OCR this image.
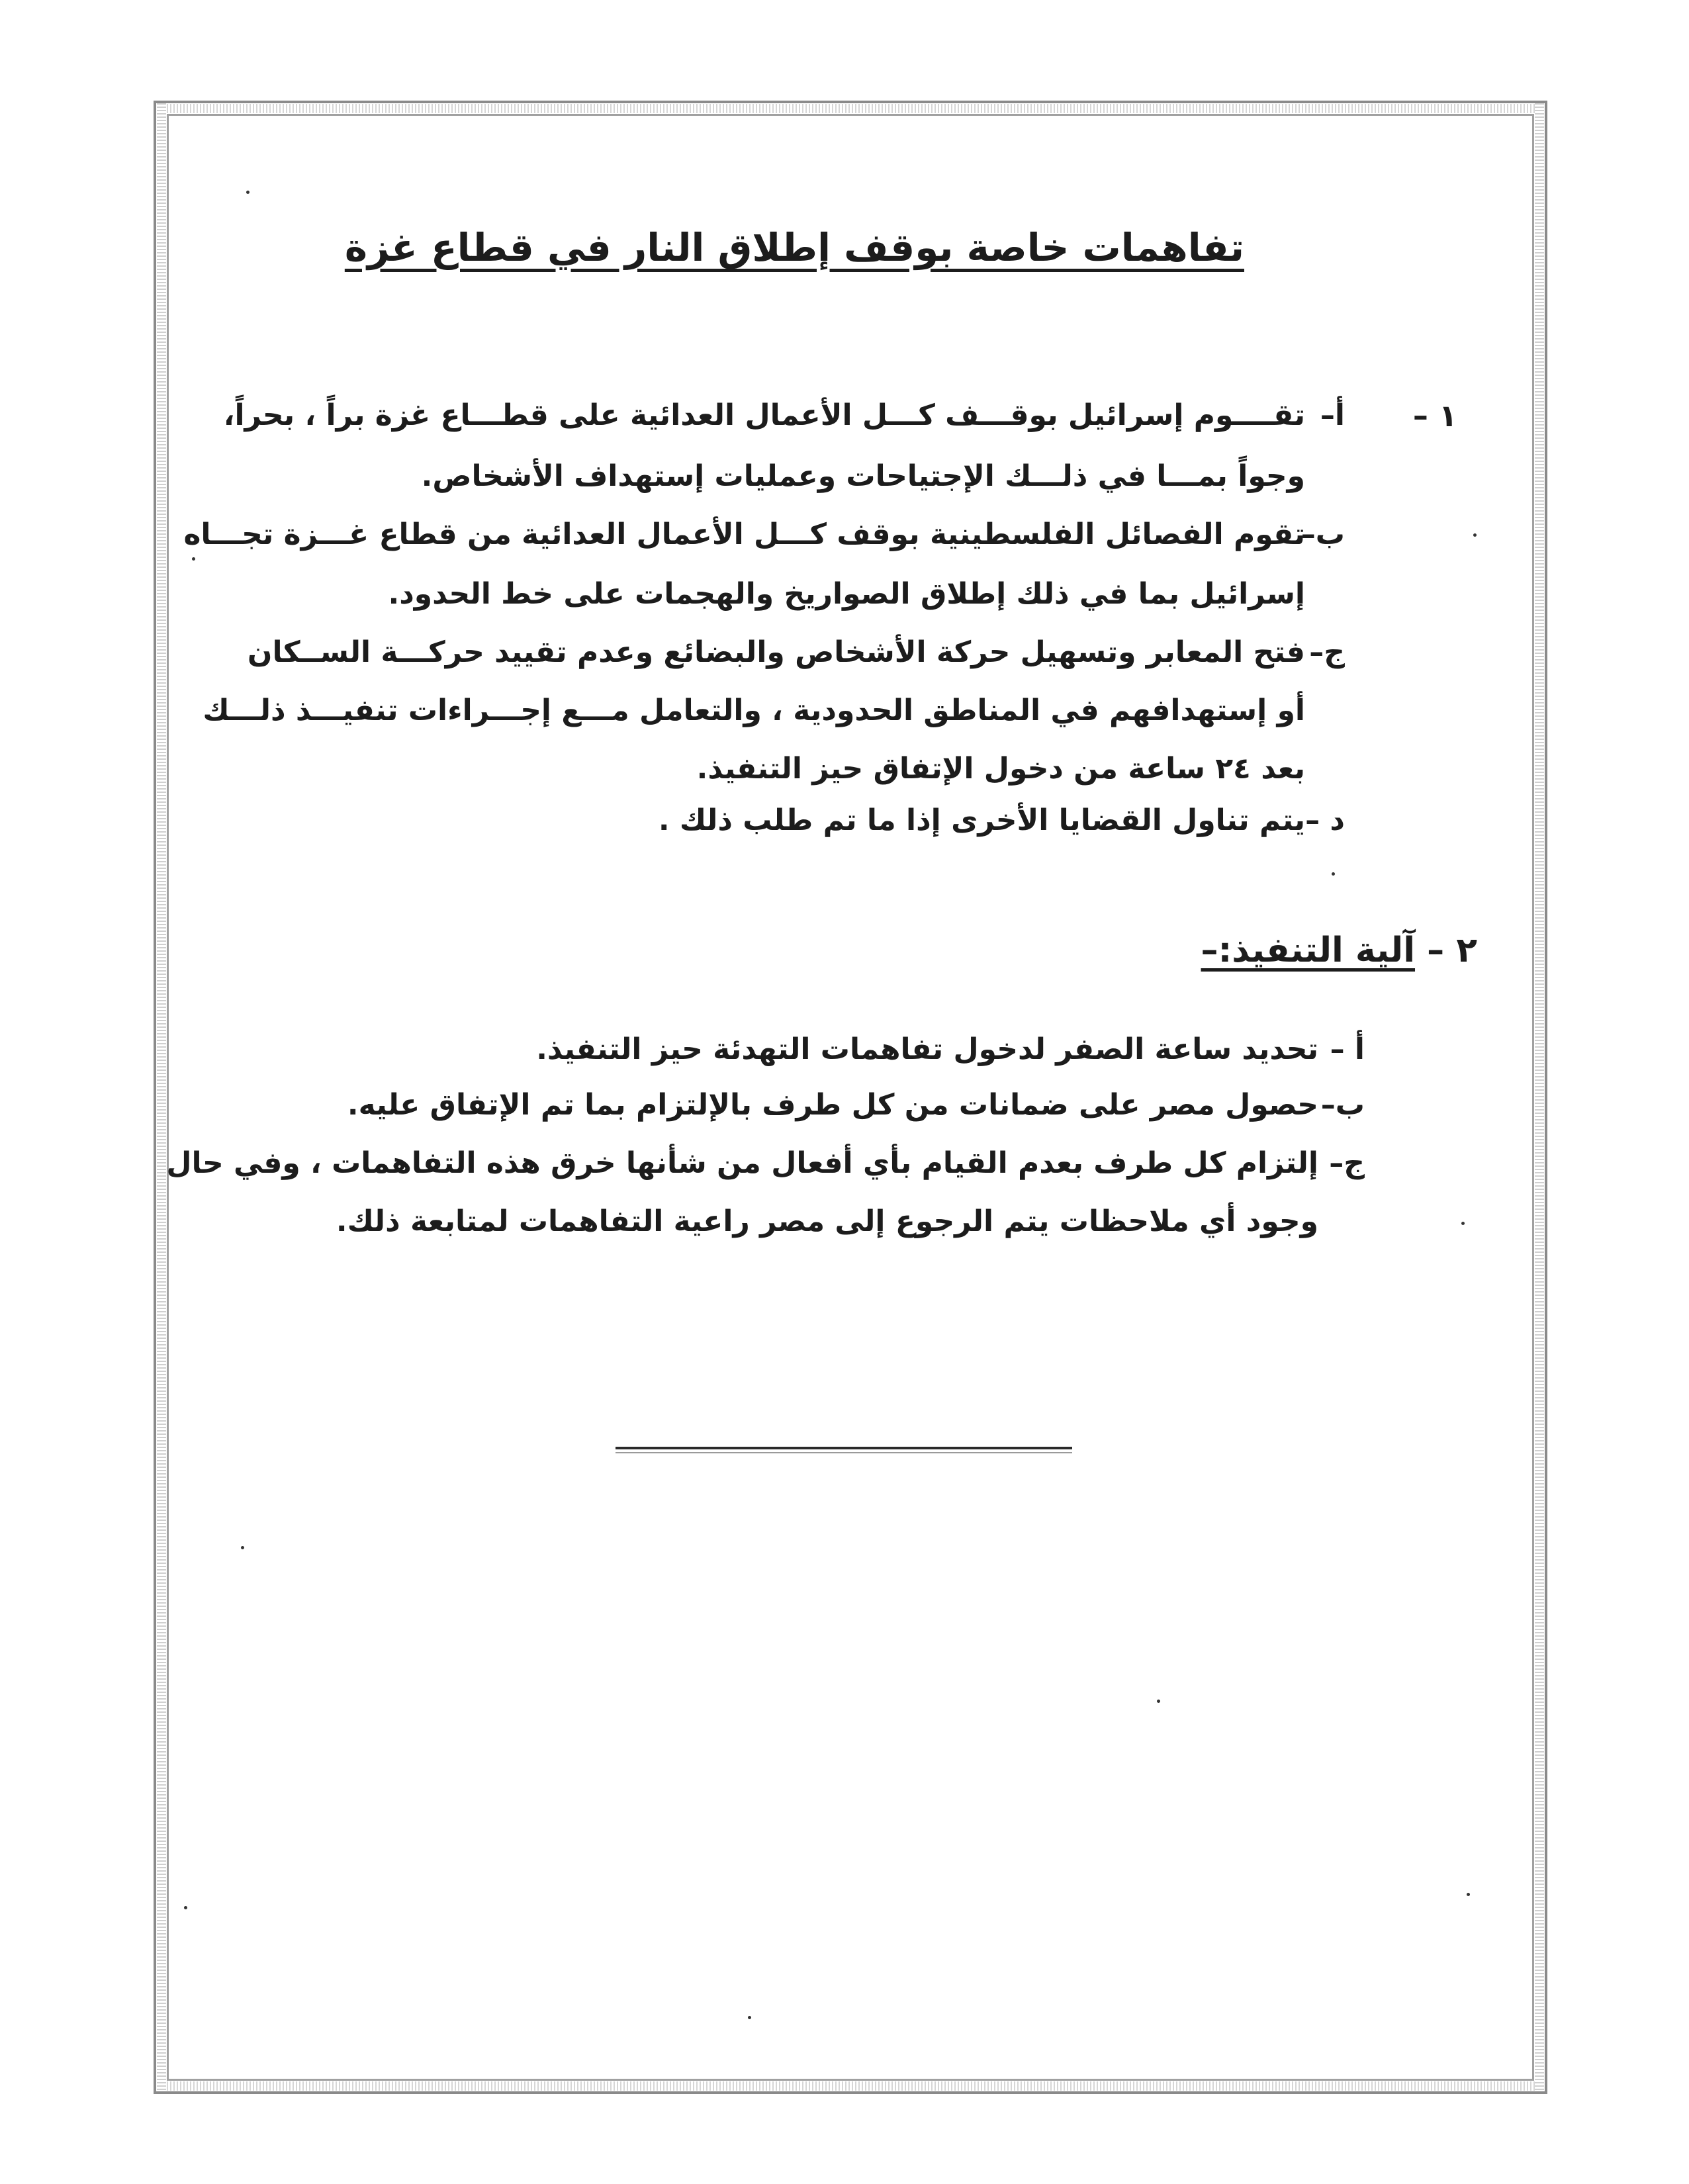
تفاهمات خاصة بوقف إطلاق النار في قطاع غزة
١ –
أ–
تقــــوم إسرائيل بوقـــف كـــل الأعمال العدائية على قطـــاع غزة براً ، بحراً،
وجواً بمـــا في ذلـــك الإجتياحات وعمليات إستهداف الأشخاص.
ب–
تقوم الفصائل الفلسطينية بوقف كـــل الأعمال العدائية من قطاع غـــزة تجـــاه
إسرائيل بما في ذلك إطلاق الصواريخ والهجمات على خط الحدود.
ج–
فتح المعابر وتسهيل حركة الأشخاص والبضائع وعدم تقييد حركـــة الســكان
أو إستهدافهم في المناطق الحدودية ، والتعامل مـــع إجـــراءات تنفيـــذ ذلـــك
بعد ٢٤ ساعة من دخول الإتفاق حيز التنفيذ.
د –
يتم تناول القضايا الأخرى إذا ما تم طلب ذلك .
٢ – آلية التنفيذ:–
أ –
تحديد ساعة الصفر لدخول تفاهمات التهدئة حيز التنفيذ.
ب–
حصول مصر على ضمانات من كل طرف بالإلتزام بما تم الإتفاق عليه.
ج–
إلتزام كل طرف بعدم القيام بأي أفعال من شأنها خرق هذه التفاهمات ، وفي حال
وجود أي ملاحظات يتم الرجوع إلى مصر راعية التفاهمات لمتابعة ذلك.
